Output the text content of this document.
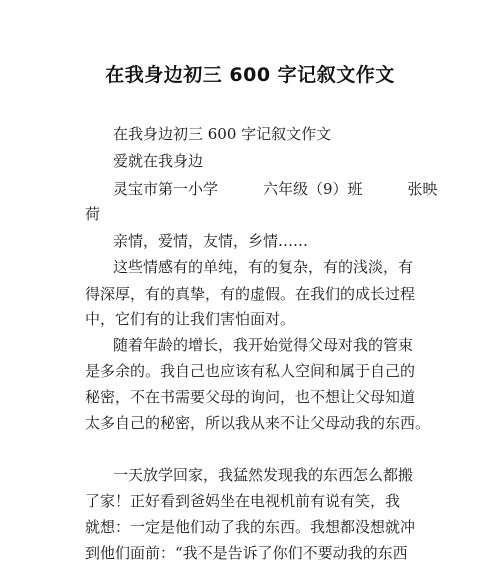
在我身边初三 600 字记叙文作文
在我身边初三 600 字记叙文作文
爱就在我身边
灵宝市第一小学　　　六年级（9）班　　　张映
荷
亲情，爱情，友情，乡情……
这些情感有的单纯，有的复杂，有的浅淡，有
得深厚，有的真挚，有的虚假。在我们的成长过程
中，它们有的让我们害怕面对。
随着年龄的增长，我开始觉得父母对我的管束
是多余的。我自己也应该有私人空间和属于自己的
秘密，不在书需要父母的询问，也不想让父母知道
太多自己的秘密，所以我从来不让父母动我的东西。
一天放学回家，我猛然发现我的东西怎么都搬
了家！正好看到爸妈坐在电视机前有说有笑，我
就想：一定是他们动了我的东西。我想都没想就冲
到他们面前：“我不是告诉了你们不要动我的东西
